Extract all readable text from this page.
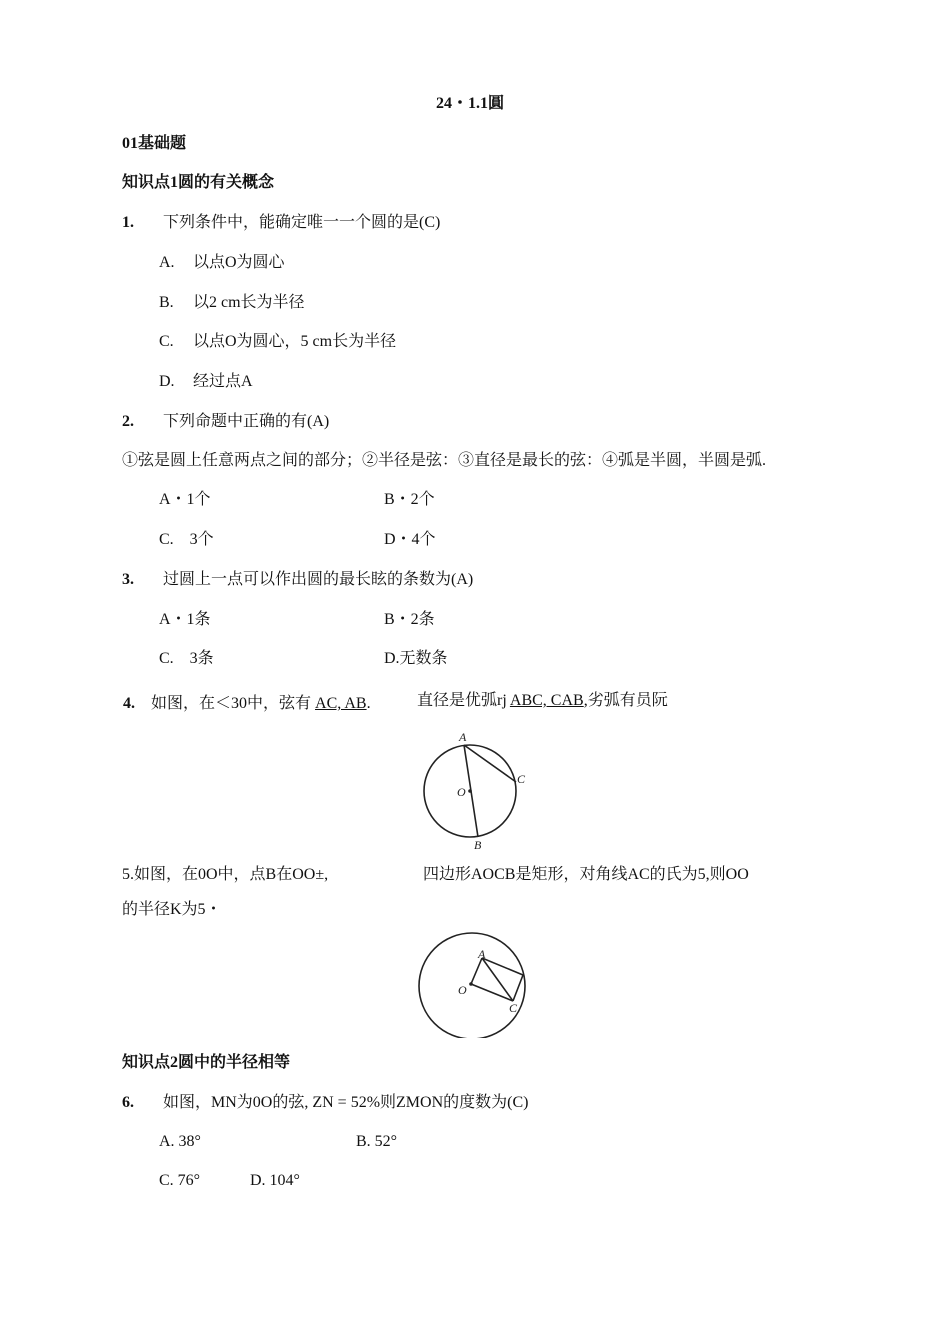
24・1.1圓
01基础题
知识点1圆的有关概念
1. 下列条件中，能确定唯一一个圆的是(C)
A. 以点O为圆心
B. 以2 cm长为半径
C. 以点O为圆心，5 cm长为半径
D. 经过点A
2. 下列命题中正确的有(A)
①弦是圆上任意两点之间的部分；②半径是弦：③直径是最长的弦：④弧是半圆，半圆是弧.
A・1个	B・2个
C.　3个	D・4个
3. 过圆上一点可以作出圆的最长眩的条数为(A)
A・1条	B・2条
C.　3条	D.无数条
4. 如图，在＜30中，弦有 AC, AB.	直径是优弧rj ABC, CAB,劣弧有员阮
A
B
C
O
5.如图，在0O中，点B在OO±,	四边形AOCB是矩形，对角线AC的氏为5,则OO
的半径K为5・
A
C
O
知识点2圆中的半径相等
6. 如图，MN为0O的弦, ZN = 52%则ZMON的度数为(C)
A. 38°	B. 52°
C. 76°	D. 104°
